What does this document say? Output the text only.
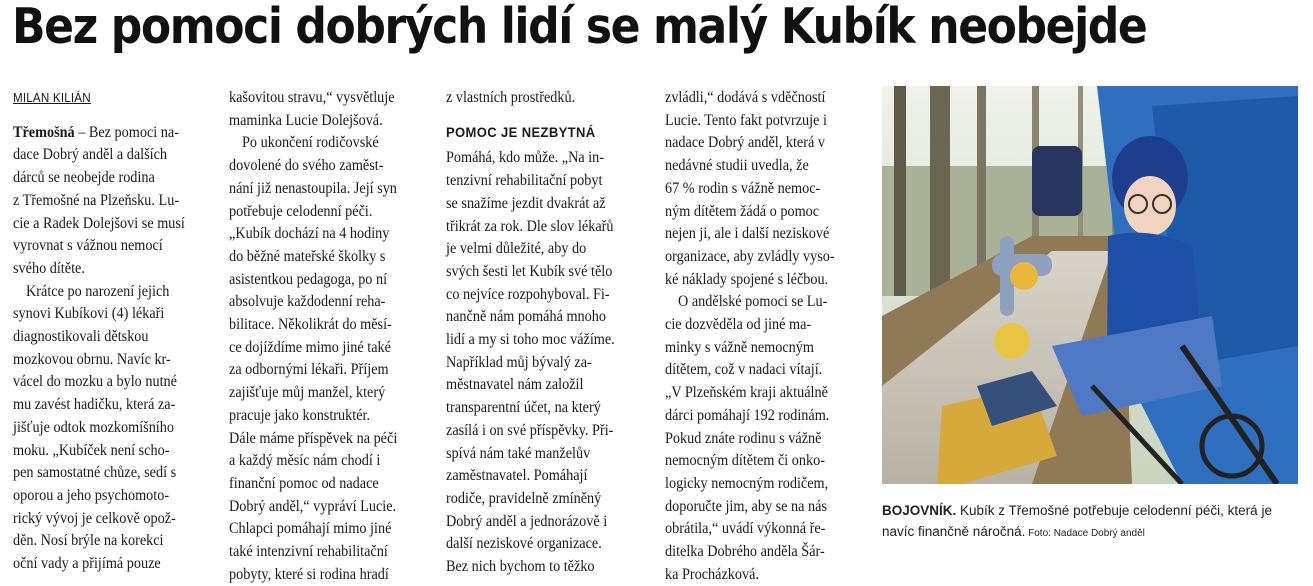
Bez pomoci dobrých lidí se malý Kubík neobejde

MILAN KILIÁN

Třemošná – Bez pomoci na-

dace Dobrý anděl a dalších

dárců se neobejde rodina

z Třemošné na Plzeňsku. Lu-

cie a Radek Dolejšovi se musí

vyrovnat s vážnou nemocí

svého dítěte.

Krátce po narození jejich

synovi Kubíkovi (4) lékaři

diagnostikovali dětskou

mozkovou obrnu. Navíc kr-

vácel do mozku a bylo nutné

mu zavést hadičku, která za-

jišťuje odtok mozkomíšního

moku. „Kubíček není scho-

pen samostatné chůze, sedí s

oporou a jeho psychomoto-

rický vývoj je celkově opož-

děn. Nosí brýle na korekci

oční vady a přijímá pouze

kašovitou stravu,“ vysvětluje

maminka Lucie Dolejšová.

Po ukončení rodičovské

dovolené do svého zaměst-

nání již nenastoupila. Její syn

potřebuje celodenní péči.

„Kubík dochází na 4 hodiny

do běžné mateřské školky s

asistentkou pedagoga, po ní

absolvuje každodenní reha-

bilitace. Několikrát do měsí-

ce dojíždíme mimo jiné také

za odbornými lékaři. Příjem

zajišťuje můj manžel, který

pracuje jako konstruktér.

Dále máme příspěvek na péči

a každý měsíc nám chodí i

finanční pomoc od nadace

Dobrý anděl,“ vypráví Lucie.

Chlapci pomáhají mimo jiné

také intenzivní rehabilitační

pobyty, které si rodina hradí

z vlastních prostředků.

POMOC JE NEZBYTNÁ

Pomáhá, kdo může. „Na in-

tenzivní rehabilitační pobyt

se snažíme jezdit dvakrát až

třikrát za rok. Dle slov lékařů

je velmi důležité, aby do

svých šesti let Kubík své tělo

co nejvíce rozpohyboval. Fi-

nančně nám pomáhá mnoho

lidí a my si toho moc vážíme.

Například můj bývalý za-

městnavatel nám založil

transparentní účet, na který

zasílá i on své příspěvky. Při-

spívá nám také manželův

zaměstnavatel. Pomáhají

rodiče, pravidelně zmíněný

Dobrý anděl a jednorázově i

další neziskové organizace.

Bez nich bychom to těžko

zvládli,“ dodává s vděčností

Lucie. Tento fakt potvrzuje i

nadace Dobrý anděl, která v

nedávné studii uvedla, že

67 % rodin s vážně nemoc-

ným dítětem žádá o pomoc

nejen ji, ale i další neziskové

organizace, aby zvládly vyso-

ké náklady spojené s léčbou.

O andělské pomoci se Lu-

cie dozvěděla od jiné ma-

minky s vážně nemocným

dítětem, což v nadaci vítají.

„V Plzeňském kraji aktuálně

dárci pomáhají 192 rodinám.

Pokud znáte rodinu s vážně

nemocným dítětem či onko-

logicky nemocným rodičem,

doporučte jim, aby se na nás

obrátila,“ uvádí výkonná ře-

ditelka Dobrého anděla Šár-

ka Procházková.

BOJOVNÍK. Kubík z Třemošné potřebuje celodenní péči, která je navíc finančně náročná. Foto: Nadace Dobrý anděl
